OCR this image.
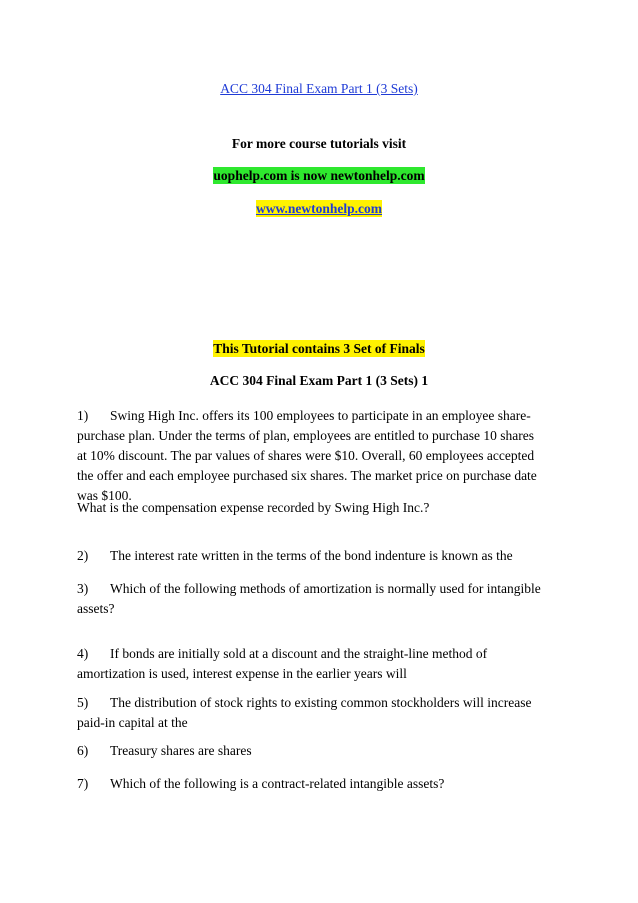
ACC 304 Final Exam Part 1 (3 Sets)
For more course tutorials visit
uophelp.com is now newtonhelp.com
www.newtonhelp.com
This Tutorial contains 3 Set of Finals
ACC 304 Final Exam Part 1 (3 Sets) 1
1) Swing High Inc. offers its 100 employees to participate in an employee share-
purchase plan. Under the terms of plan, employees are entitled to purchase 10 shares
at 10% discount. The par values of shares were $10. Overall, 60 employees accepted
the offer and each employee purchased six shares. The market price on purchase date
was $100.
What is the compensation expense recorded by Swing High Inc.?
2) The interest rate written in the terms of the bond indenture is known as the
3) Which of the following methods of amortization is normally used for intangible
assets?
4) If bonds are initially sold at a discount and the straight-line method of
amortization is used, interest expense in the earlier years will
5) The distribution of stock rights to existing common stockholders will increase
paid-in capital at the
6) Treasury shares are shares
7) Which of the following is a contract-related intangible assets?
